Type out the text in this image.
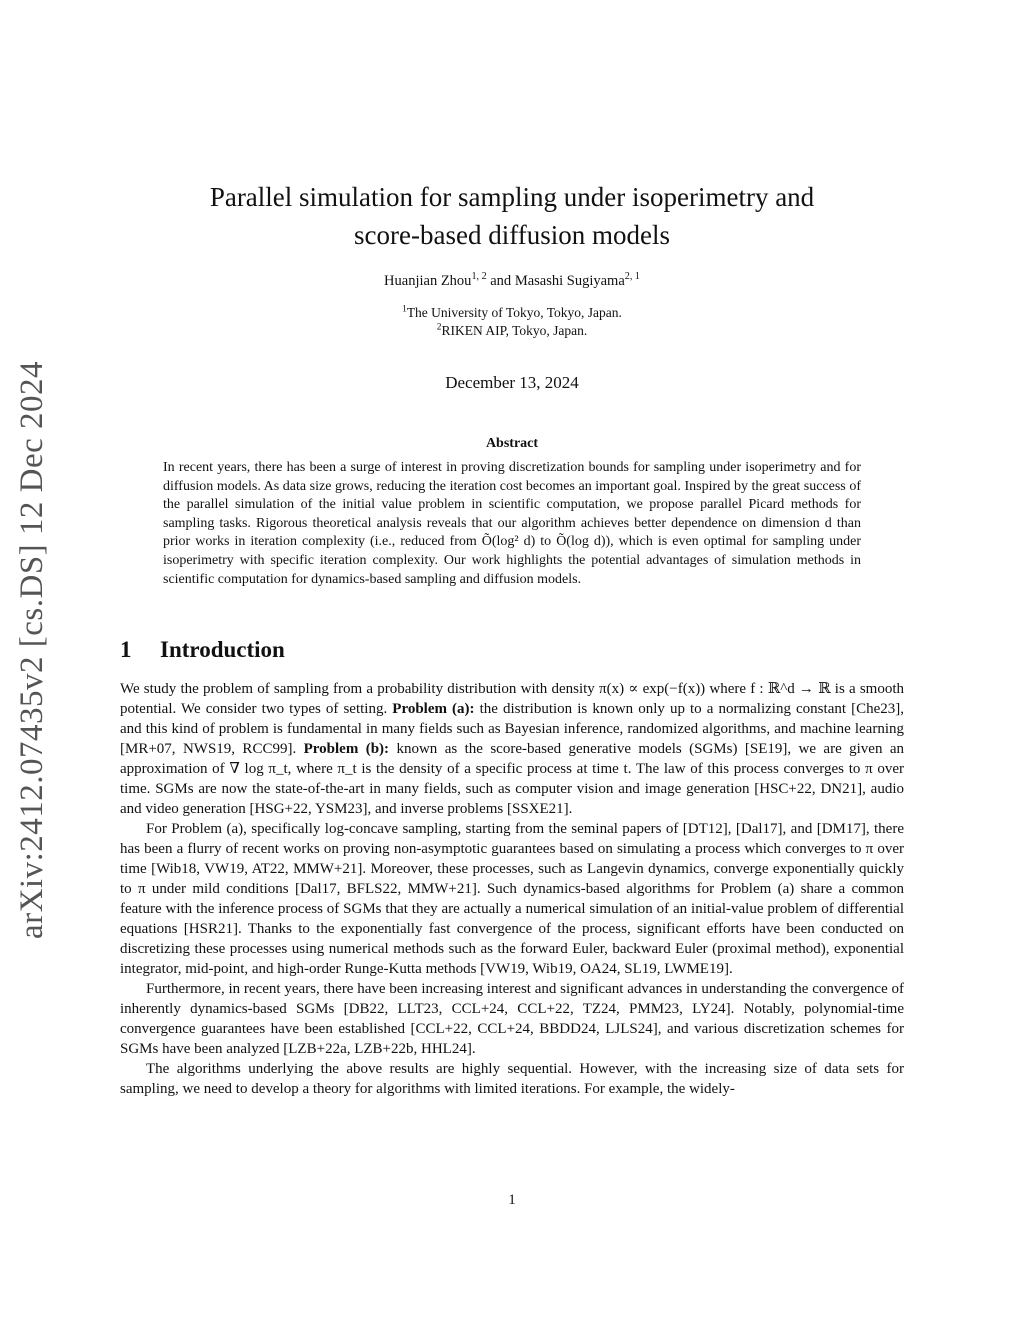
arXiv:2412.07435v2 [cs.DS] 12 Dec 2024
Parallel simulation for sampling under isoperimetry and
score-based diffusion models
Huanjian Zhou$^{1, 2}$ and Masashi Sugiyama$^{2, 1}$
$^1$The University of Tokyo, Tokyo, Japan.
$^2$RIKEN AIP, Tokyo, Japan.
December 13, 2024
Abstract
In recent years, there has been a surge of interest in proving discretization bounds for sampling under isoperimetry and for diffusion models. As data size grows, reducing the iteration cost becomes an important goal. Inspired by the great success of the parallel simulation of the initial value problem in scientific computation, we propose parallel Picard methods for sampling tasks. Rigorous theoretical analysis reveals that our algorithm achieves better dependence on dimension d than prior works in iteration complexity (i.e., reduced from Õ(log² d) to Õ(log d)), which is even optimal for sampling under isoperimetry with specific iteration complexity. Our work highlights the potential advantages of simulation methods in scientific computation for dynamics-based sampling and diffusion models.
1 Introduction

We study the problem of sampling from a probability distribution with density π(x) ∝ exp(−f(x)) where f : ℝ^d → ℝ is a smooth potential. We consider two types of setting. Problem (a): the distribution is known only up to a normalizing constant [Che23], and this kind of problem is fundamental in many fields such as Bayesian inference, randomized algorithms, and machine learning [MR+07, NWS19, RCC99]. Problem (b): known as the score-based generative models (SGMs) [SE19], we are given an approximation of ∇ log π_t, where π_t is the density of a specific process at time t. The law of this process converges to π over time. SGMs are now the state-of-the-art in many fields, such as computer vision and image generation [HSC+22, DN21], audio and video generation [HSG+22, YSM23], and inverse problems [SSXE21].

For Problem (a), specifically log-concave sampling, starting from the seminal papers of [DT12], [Dal17], and [DM17], there has been a flurry of recent works on proving non-asymptotic guarantees based on simulating a process which converges to π over time [Wib18, VW19, AT22, MMW+21]. Moreover, these processes, such as Langevin dynamics, converge exponentially quickly to π under mild conditions [Dal17, BFLS22, MMW+21]. Such dynamics-based algorithms for Problem (a) share a common feature with the inference process of SGMs that they are actually a numerical simulation of an initial-value problem of differential equations [HSR21]. Thanks to the exponentially fast convergence of the process, significant efforts have been conducted on discretizing these processes using numerical methods such as the forward Euler, backward Euler (proximal method), exponential integrator, mid-point, and high-order Runge-Kutta methods [VW19, Wib19, OA24, SL19, LWME19].

Furthermore, in recent years, there have been increasing interest and significant advances in understanding the convergence of inherently dynamics-based SGMs [DB22, LLT23, CCL+24, CCL+22, TZ24, PMM23, LY24]. Notably, polynomial-time convergence guarantees have been established [CCL+22, CCL+24, BBDD24, LJLS24], and various discretization schemes for SGMs have been analyzed [LZB+22a, LZB+22b, HHL24].

The algorithms underlying the above results are highly sequential. However, with the increasing size of data sets for sampling, we need to develop a theory for algorithms with limited iterations. For example, the widely-

1
